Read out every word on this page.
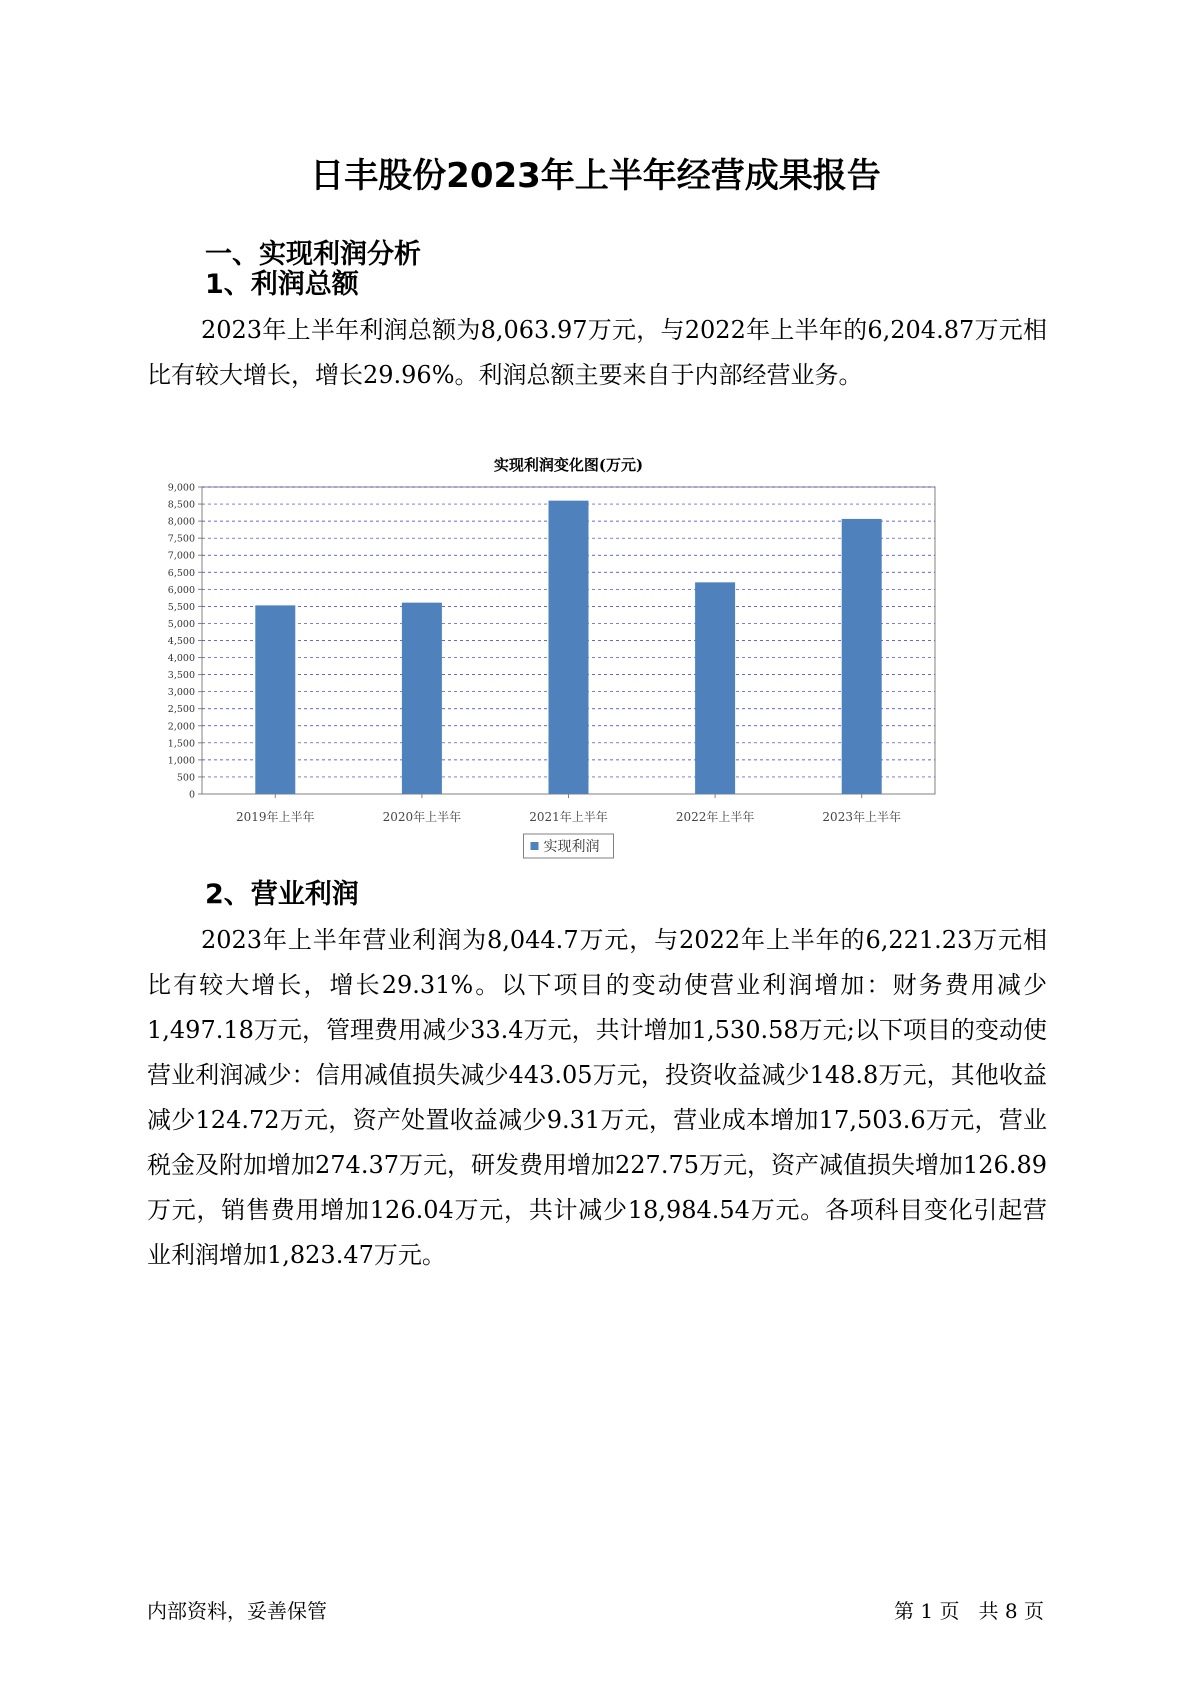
日丰股份2023年上半年经营成果报告
一、实现利润分析
1、利润总额

2023年上半年利润总额为8,063.97万元，与2022年上半年的6,204.87万元相比有较大增长，增长29.96%。利润总额主要来自于内部经营业务。

实现利润变化图(万元)
0
500
1,000
1,500
2,000
2,500
3,000
3,500
4,000
4,500
5,000
5,500
6,000
6,500
7,000
7,500
8,000
8,500
9,000
2019年上半年	2020年上半年	2021年上半年	2022年上半年	2023年上半年
实现利润
2、营业利润

2023年上半年营业利润为8,044.7万元，与2022年上半年的6,221.23万元相比有较大增长，增长29.31%。以下项目的变动使营业利润增加：财务费用减少1,497.18万元，管理费用减少33.4万元，共计增加1,530.58万元;以下项目的变动使营业利润减少：信用减值损失减少443.05万元，投资收益减少148.8万元，其他收益减少124.72万元，资产处置收益减少9.31万元，营业成本增加17,503.6万元，营业税金及附加增加274.37万元，研发费用增加227.75万元，资产减值损失增加126.89万元，销售费用增加126.04万元，共计减少18,984.54万元。各项科目变化引起营业利润增加1,823.47万元。

内部资料，妥善保管	第 1 页   共 8 页
